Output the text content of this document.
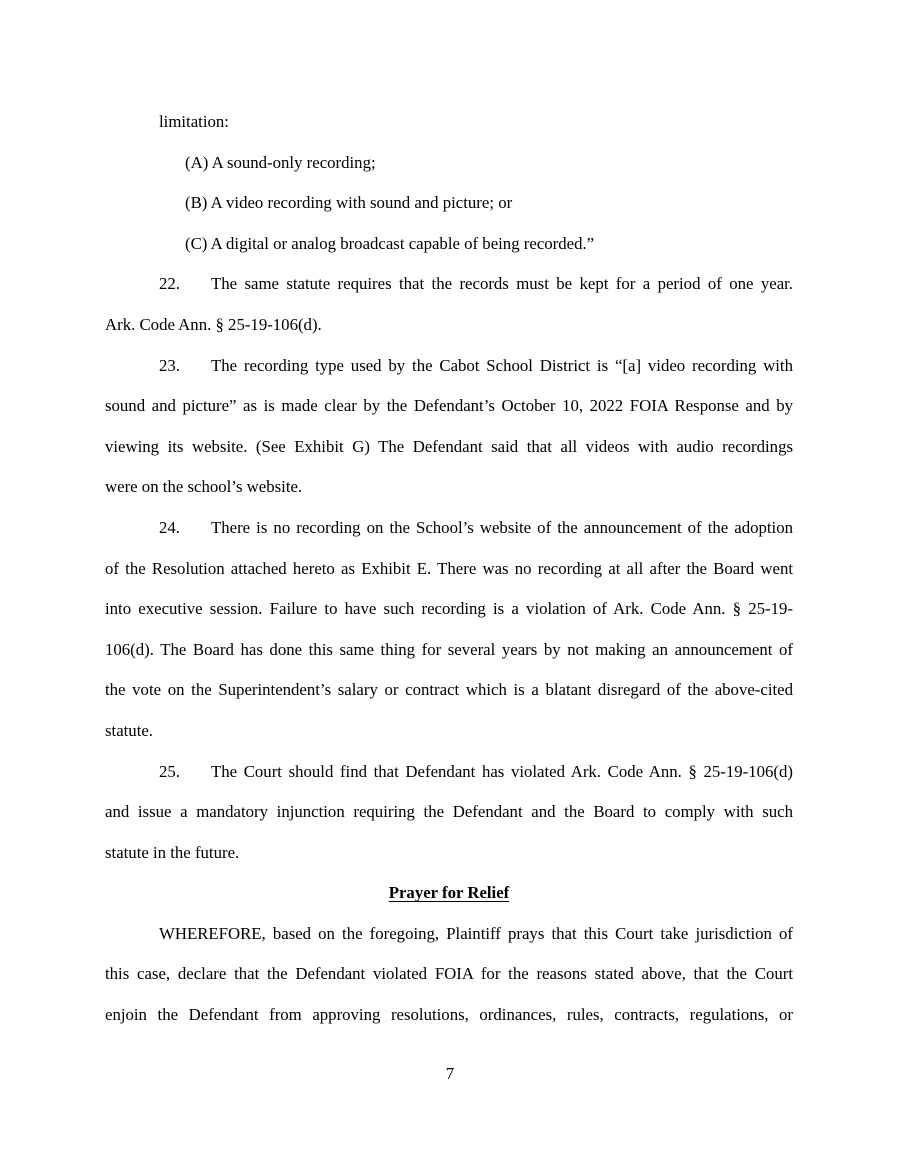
limitation:
(A) A sound-only recording;
(B) A video recording with sound and picture; or
(C) A digital or analog broadcast capable of being recorded.”
22. The same statute requires that the records must be kept for a period of one year.
Ark. Code Ann. § 25-19-106(d).
23. The recording type used by the Cabot School District is “[a] video recording with
sound and picture” as is made clear by the Defendant’s October 10, 2022 FOIA Response and by
viewing its website. (See Exhibit G) The Defendant said that all videos with audio recordings
were on the school’s website.
24. There is no recording on the School’s website of the announcement of the adoption
of the Resolution attached hereto as Exhibit E. There was no recording at all after the Board went
into executive session. Failure to have such recording is a violation of Ark. Code Ann. § 25-19-
106(d). The Board has done this same thing for several years by not making an announcement of
the vote on the Superintendent’s salary or contract which is a blatant disregard of the above-cited
statute.
25. The Court should find that Defendant has violated Ark. Code Ann. § 25-19-106(d)
and issue a mandatory injunction requiring the Defendant and the Board to comply with such
statute in the future.
Prayer for Relief
WHEREFORE, based on the foregoing, Plaintiff prays that this Court take jurisdiction of
this case, declare that the Defendant violated FOIA for the reasons stated above, that the Court
enjoin the Defendant from approving resolutions, ordinances, rules, contracts, regulations, or
7
